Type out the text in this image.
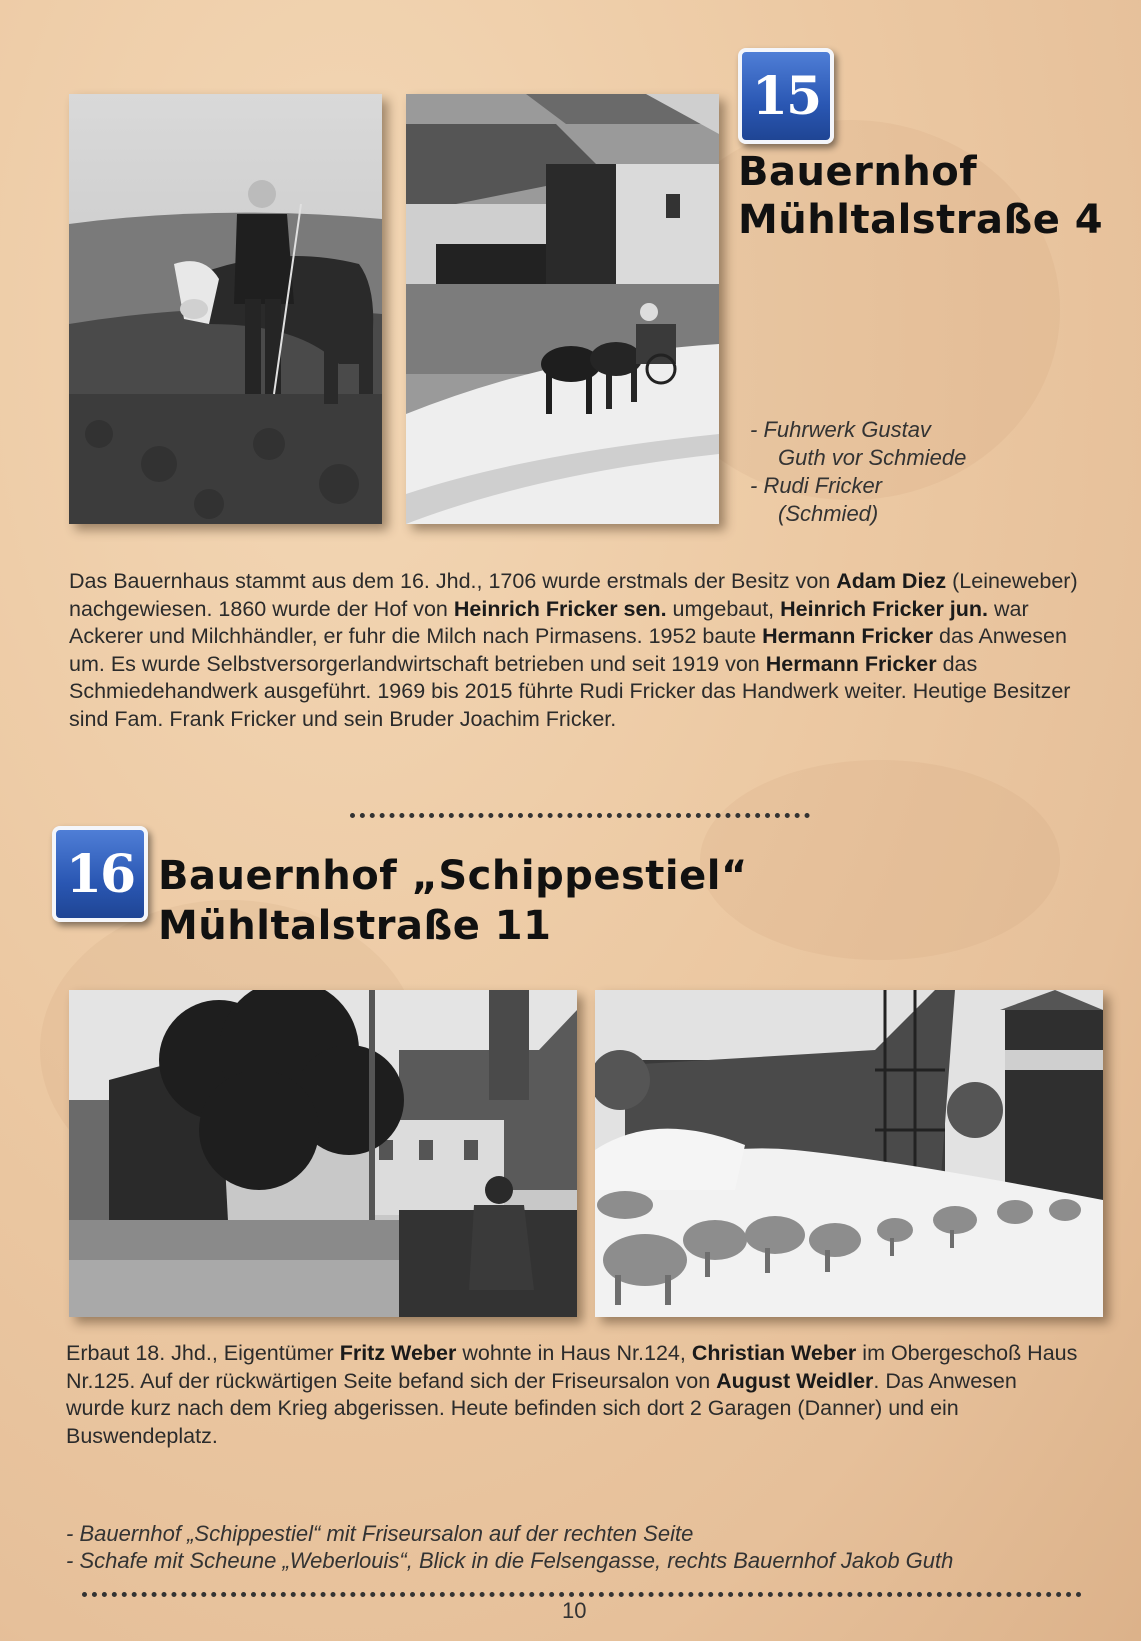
15
Bauernhof
Mühltalstraße 4
- Fuhrwerk Gustav
Guth vor Schmiede
- Rudi Fricker
(Schmied)
Das Bauernhaus stammt aus dem 16. Jhd., 1706 wurde erstmals der Besitz von Adam Diez (Leineweber) nachgewiesen. 1860 wurde der Hof von Heinrich Fricker sen. umgebaut, Heinrich Fricker jun. war Ackerer und Milchhändler, er fuhr die Milch nach Pirmasens. 1952 baute Hermann Fricker das Anwesen um. Es wurde Selbstversorgerlandwirtschaft betrieben und seit 1919 von Hermann Fricker das Schmiedehandwerk ausgeführt. 1969 bis 2015 führte Rudi Fricker das Handwerk weiter. Heutige Besitzer sind Fam. Frank Fricker und sein Bruder Joachim Fricker.
16 Bauernhof „Schippestiel“
Mühltalstraße 11
Erbaut 18. Jhd., Eigentümer Fritz Weber wohnte in Haus Nr.124, Christian Weber im Obergeschoß Haus Nr.125. Auf der rückwärtigen Seite befand sich der Friseursalon von August Weidler. Das Anwesen wurde kurz nach dem Krieg abgerissen. Heute befinden sich dort 2 Garagen (Danner) und ein Buswendeplatz.
- Bauernhof „Schippestiel“ mit Friseursalon auf der rechten Seite
- Schafe mit Scheune „Weberlouis“, Blick in die Felsengasse, rechts Bauernhof Jakob Guth
10
